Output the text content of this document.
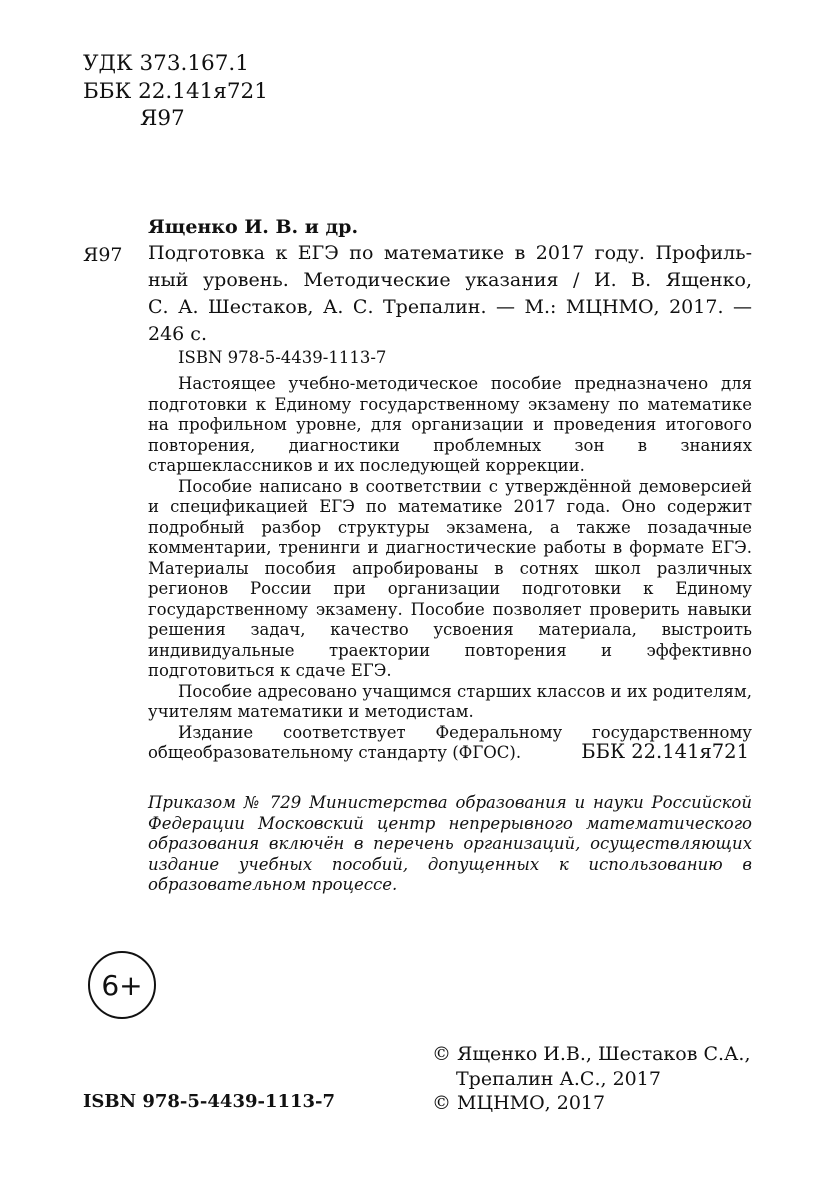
УДК 373.167.1
ББК 22.141я721
Я97
Ященко И. В. и др.
Я97 Подготовка к ЕГЭ по математике в 2017 году. Профиль-
ный уровень. Методические указания / И. В. Ященко,
С. А. Шестаков, А. С. Трепалин. — М.: МЦНМО, 2017. —
246 с.
ISBN 978-5-4439-1113-7

Настоящее учебно-методическое пособие предназначено для подготовки к Единому государственному экзамену по математике на профильном уровне, для организации и проведения итогового повторения, диагностики проблемных зон в знаниях старшеклассников и их последующей коррекции.

Пособие написано в соответствии с утверждённой демоверсией и спецификацией ЕГЭ по математике 2017 года. Оно содержит подробный разбор структуры экзамена, а также позадачные комментарии, тренинги и диагностические работы в формате ЕГЭ. Материалы пособия апробированы в сотнях школ различных регионов России при организации подготовки к Единому государственному экзамену. Пособие позволяет проверить навыки решения задач, качество усвоения материала, выстроить индивидуальные траектории повторения и эффективно подготовиться к сдаче ЕГЭ.

Пособие адресовано учащимся старших классов и их родителям, учителям математики и методистам.

Издание соответствует Федеральному государственному общеобразовательному стандарту (ФГОС).	ББК 22.141я721
Приказом № 729 Министерства образования и науки Российской Федерации Московский центр непрерывного математического образования включён в перечень организаций, осуществляющих издание учебных пособий, допущенных к использованию в образовательном процессе.
6+
© Ященко И.В., Шестаков С.А.,
Трепалин А.С., 2017
© МЦНМО, 2017
ISBN 978-5-4439-1113-7
